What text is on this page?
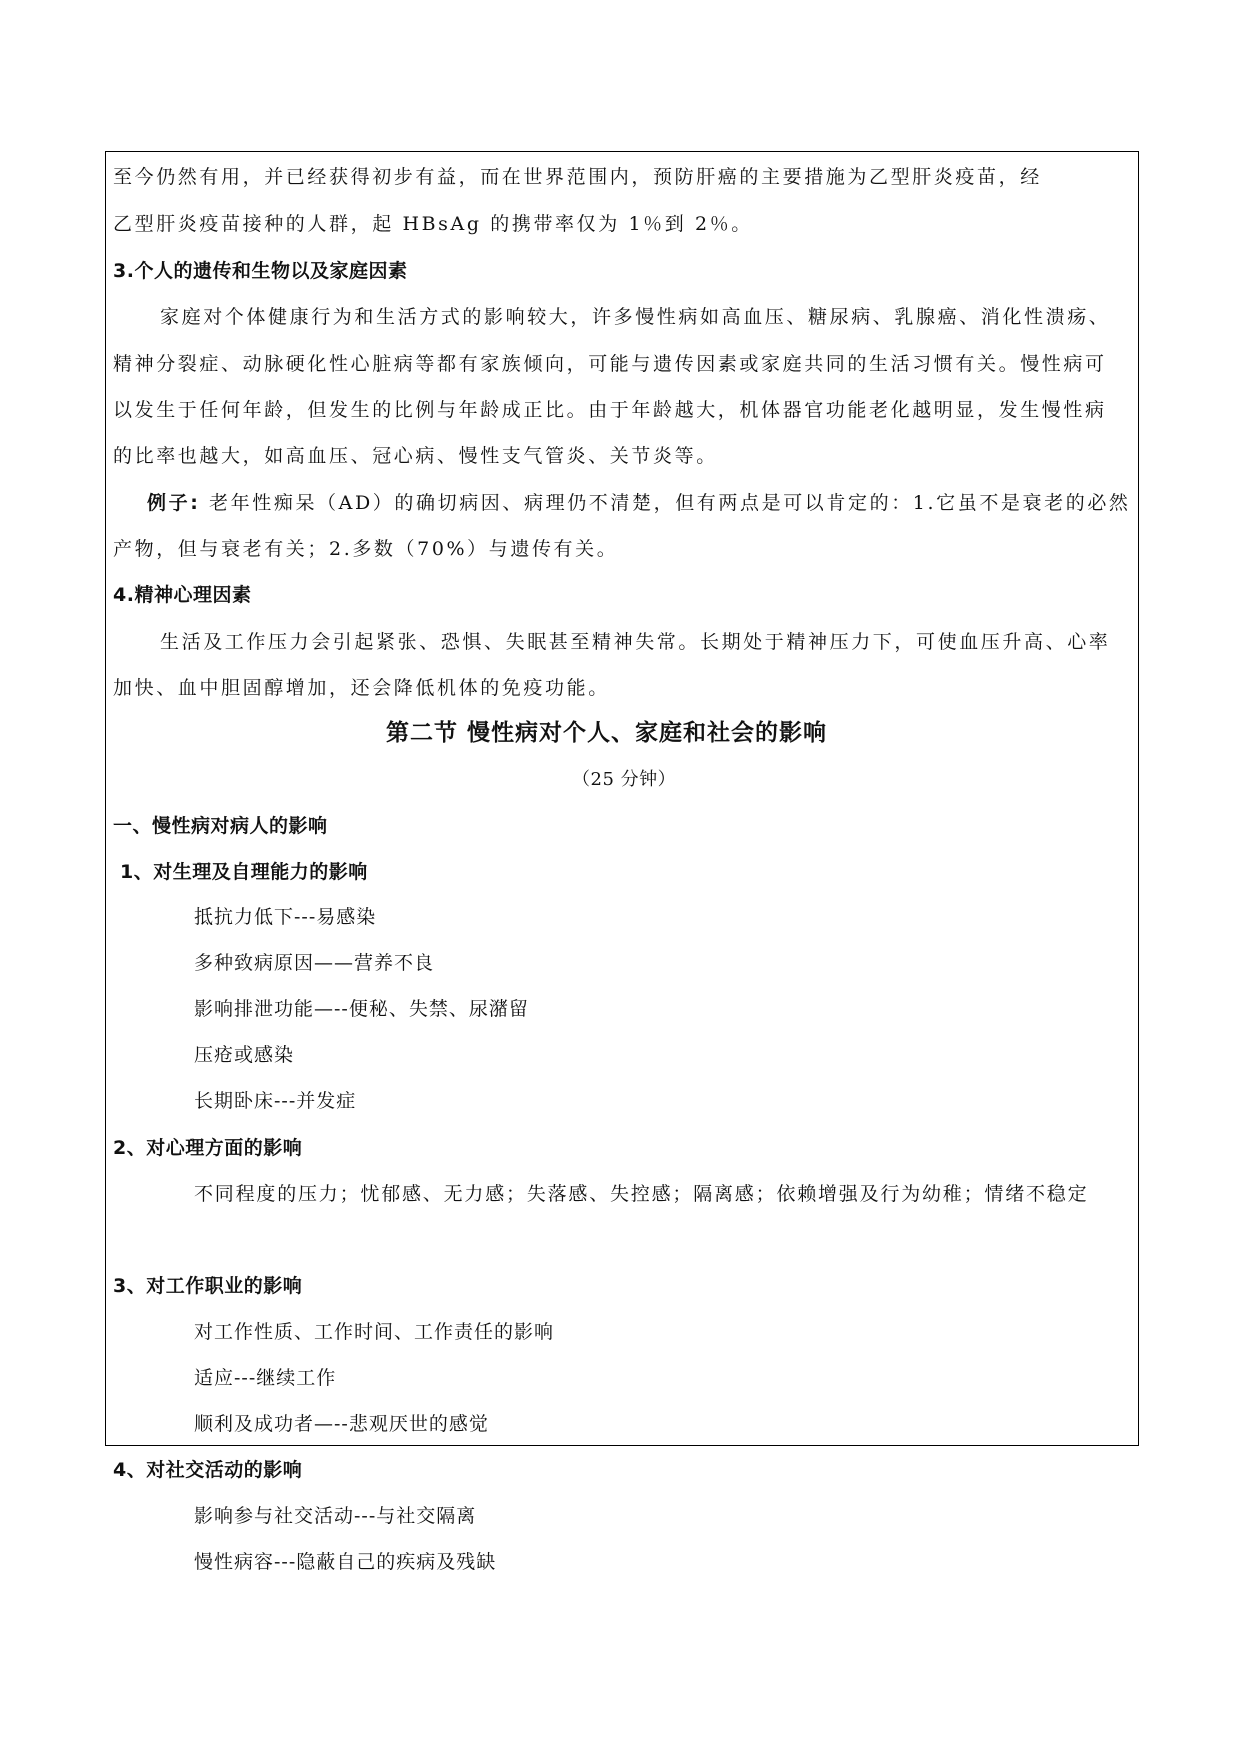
至今仍然有用，并已经获得初步有益，而在世界范围内，预防肝癌的主要措施为乙型肝炎疫苗，经
乙型肝炎疫苗接种的人群，起 HBsAg 的携带率仅为 1％到 2％。
3.个人的遗传和生物以及家庭因素
家庭对个体健康行为和生活方式的影响较大，许多慢性病如高血压、糖尿病、乳腺癌、消化性溃疡、
精神分裂症、动脉硬化性心脏病等都有家族倾向，可能与遗传因素或家庭共同的生活习惯有关。慢性病可
以发生于任何年龄，但发生的比例与年龄成正比。由于年龄越大，机体器官功能老化越明显，发生慢性病
的比率也越大，如高血压、冠心病、慢性支气管炎、关节炎等。
例子: 老年性痴呆（AD）的确切病因、病理仍不清楚，但有两点是可以肯定的：1.它虽不是衰老的必然
产物，但与衰老有关；2.多数（70%）与遗传有关。
4.精神心理因素
生活及工作压力会引起紧张、恐惧、失眠甚至精神失常。长期处于精神压力下，可使血压升高、心率
加快、血中胆固醇增加，还会降低机体的免疫功能。
第二节 慢性病对个人、家庭和社会的影响
（25 分钟）
一、慢性病对病人的影响
1、对生理及自理能力的影响
抵抗力低下---易感染
多种致病原因——营养不良
影响排泄功能—--便秘、失禁、尿潴留
压疮或感染
长期卧床---并发症
2、对心理方面的影响
不同程度的压力；忧郁感、无力感；失落感、失控感；隔离感；依赖增强及行为幼稚；情绪不稳定
3、对工作职业的影响
对工作性质、工作时间、工作责任的影响
适应---继续工作
顺利及成功者—--悲观厌世的感觉
4、对社交活动的影响
影响参与社交活动---与社交隔离
慢性病容---隐蔽自己的疾病及残缺
